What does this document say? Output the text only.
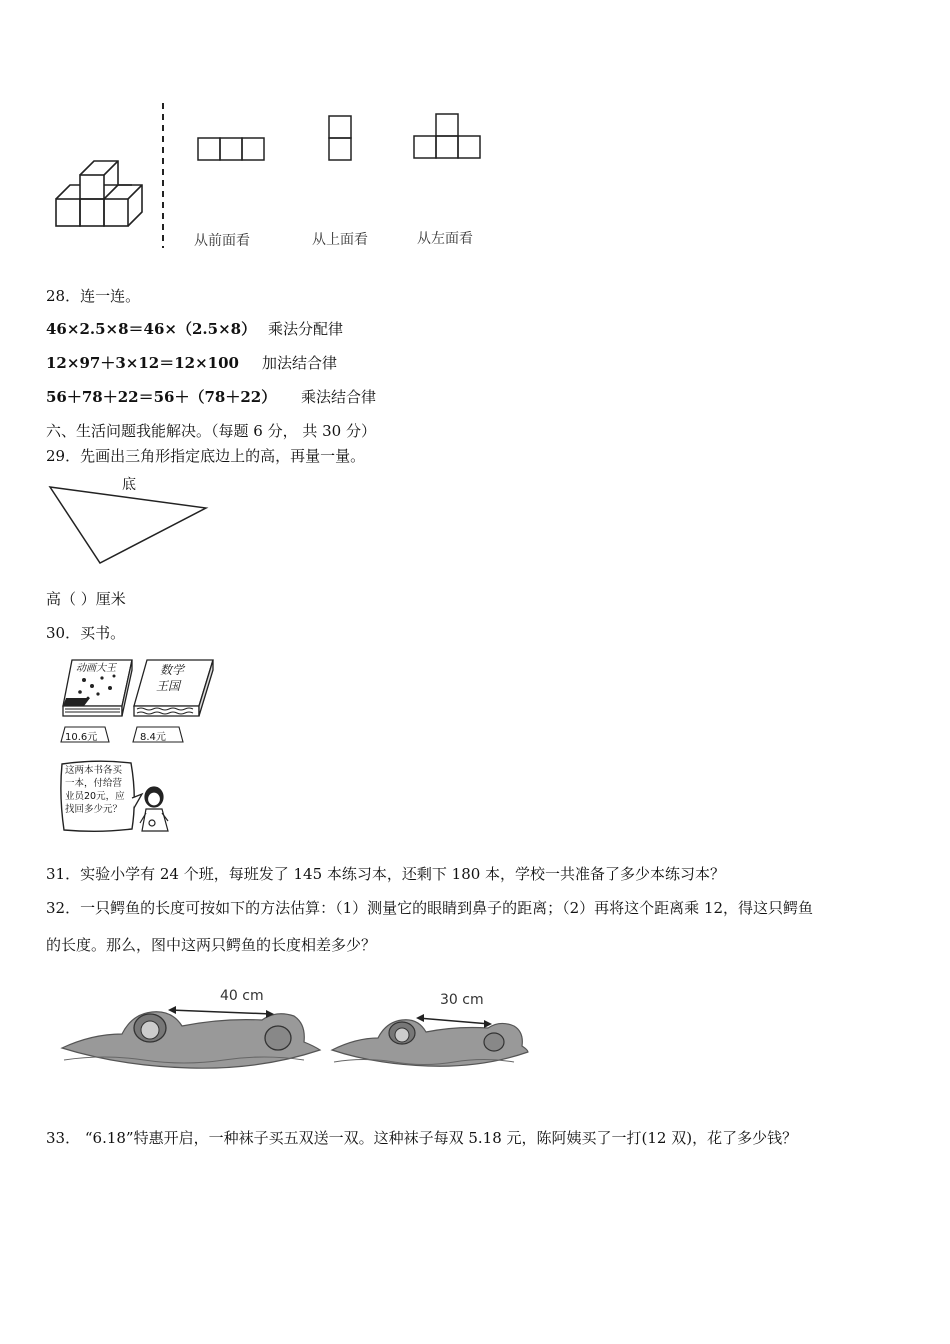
从前面看	从上面看	从左面看
28．连一连。
46×2.5×8＝46×（2.5×8） 乘法分配律
12×97＋3×12＝12×100 加法结合律
56＋78＋22＝56＋（78＋22） 乘法结合律
六、生活问题我能解决。（每题 6 分， 共 30 分）
29．先画出三角形指定底边上的高，再量一量。
底
高（ ）厘米
30．买书。
动画大王
10.6元
数学
王国
8.4元
这两本书各买一本，付给营业员20元，应找回多少元？
31．实验小学有 24 个班，每班发了 145 本练习本，还剩下 180 本，学校一共准备了多少本练习本？
32．一只鳄鱼的长度可按如下的方法估算：（1）测量它的眼睛到鼻子的距离；（2）再将这个距离乘 12，得这只鳄鱼
的长度。那么，图中这两只鳄鱼的长度相差多少？
40 cm	30 cm
33． “6.18”特惠开启，一种袜子买五双送一双。这种袜子每双 5.18 元，陈阿姨买了一打(12 双)，花了多少钱？
